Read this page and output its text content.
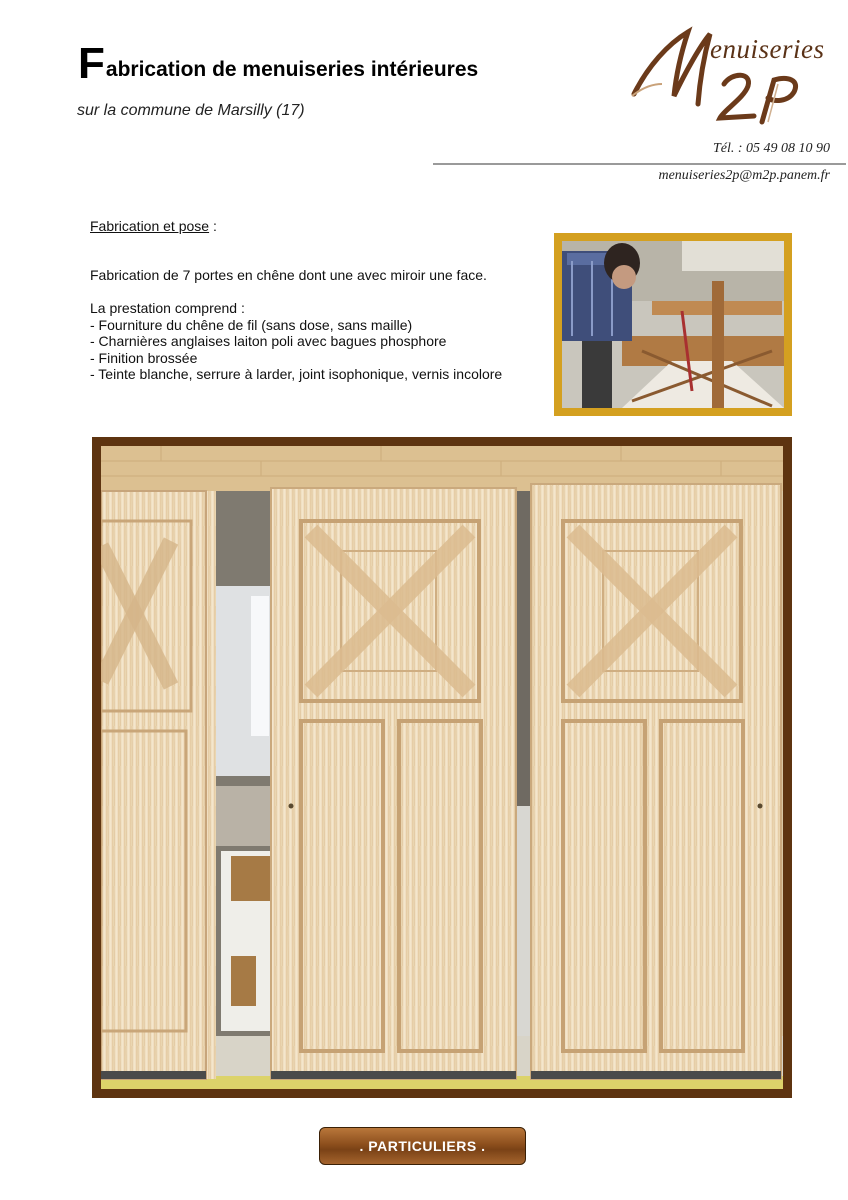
Fabrication de menuiseries intérieures
sur la commune de Marsilly (17)
enuiseries
Tél. : 05 49 08 10 90
menuiseries2p@m2p.panem.fr
Fabrication et pose :
Fabrication de 7 portes en chêne dont une avec miroir une face.
La prestation comprend :
- Fourniture du chêne de fil (sans dose, sans maille)
- Charnières anglaises laiton poli avec bagues phosphore
- Finition brossée
- Teinte blanche, serrure à larder, joint isophonique, vernis incolore
. PARTICULIERS .
